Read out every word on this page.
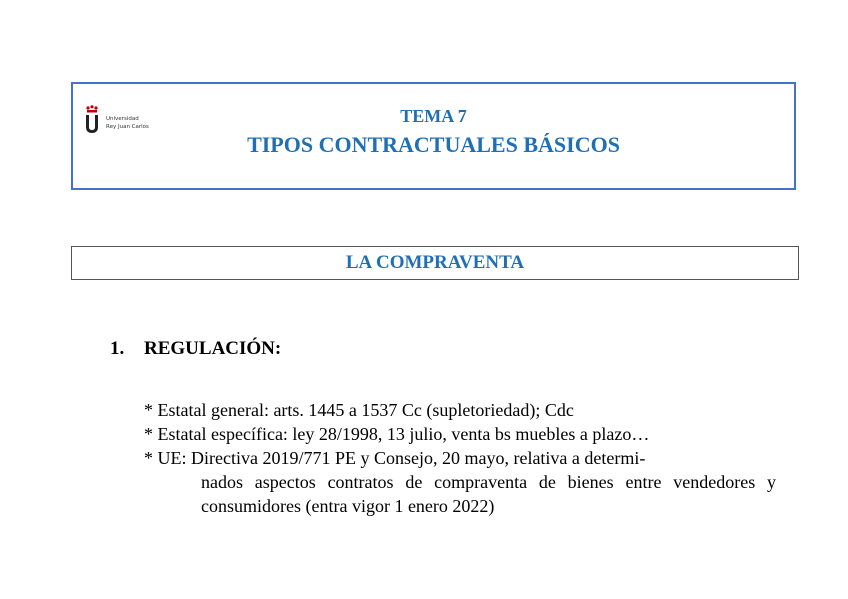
Universidad
Rey Juan Carlos
TEMA 7
TIPOS CONTRACTUALES BÁSICOS
LA COMPRAVENTA
1. REGULACIÓN:
* Estatal general: arts. 1445 a 1537 Cc (supletoriedad); Cdc
* Estatal específica: ley 28/1998, 13 julio, venta bs muebles a plazo…
* UE: Directiva 2019/771 PE y Consejo, 20 mayo, relativa a determi-
nados aspectos contratos de compraventa de bienes entre vendedores y consumidores (entra vigor 1 enero 2022)
